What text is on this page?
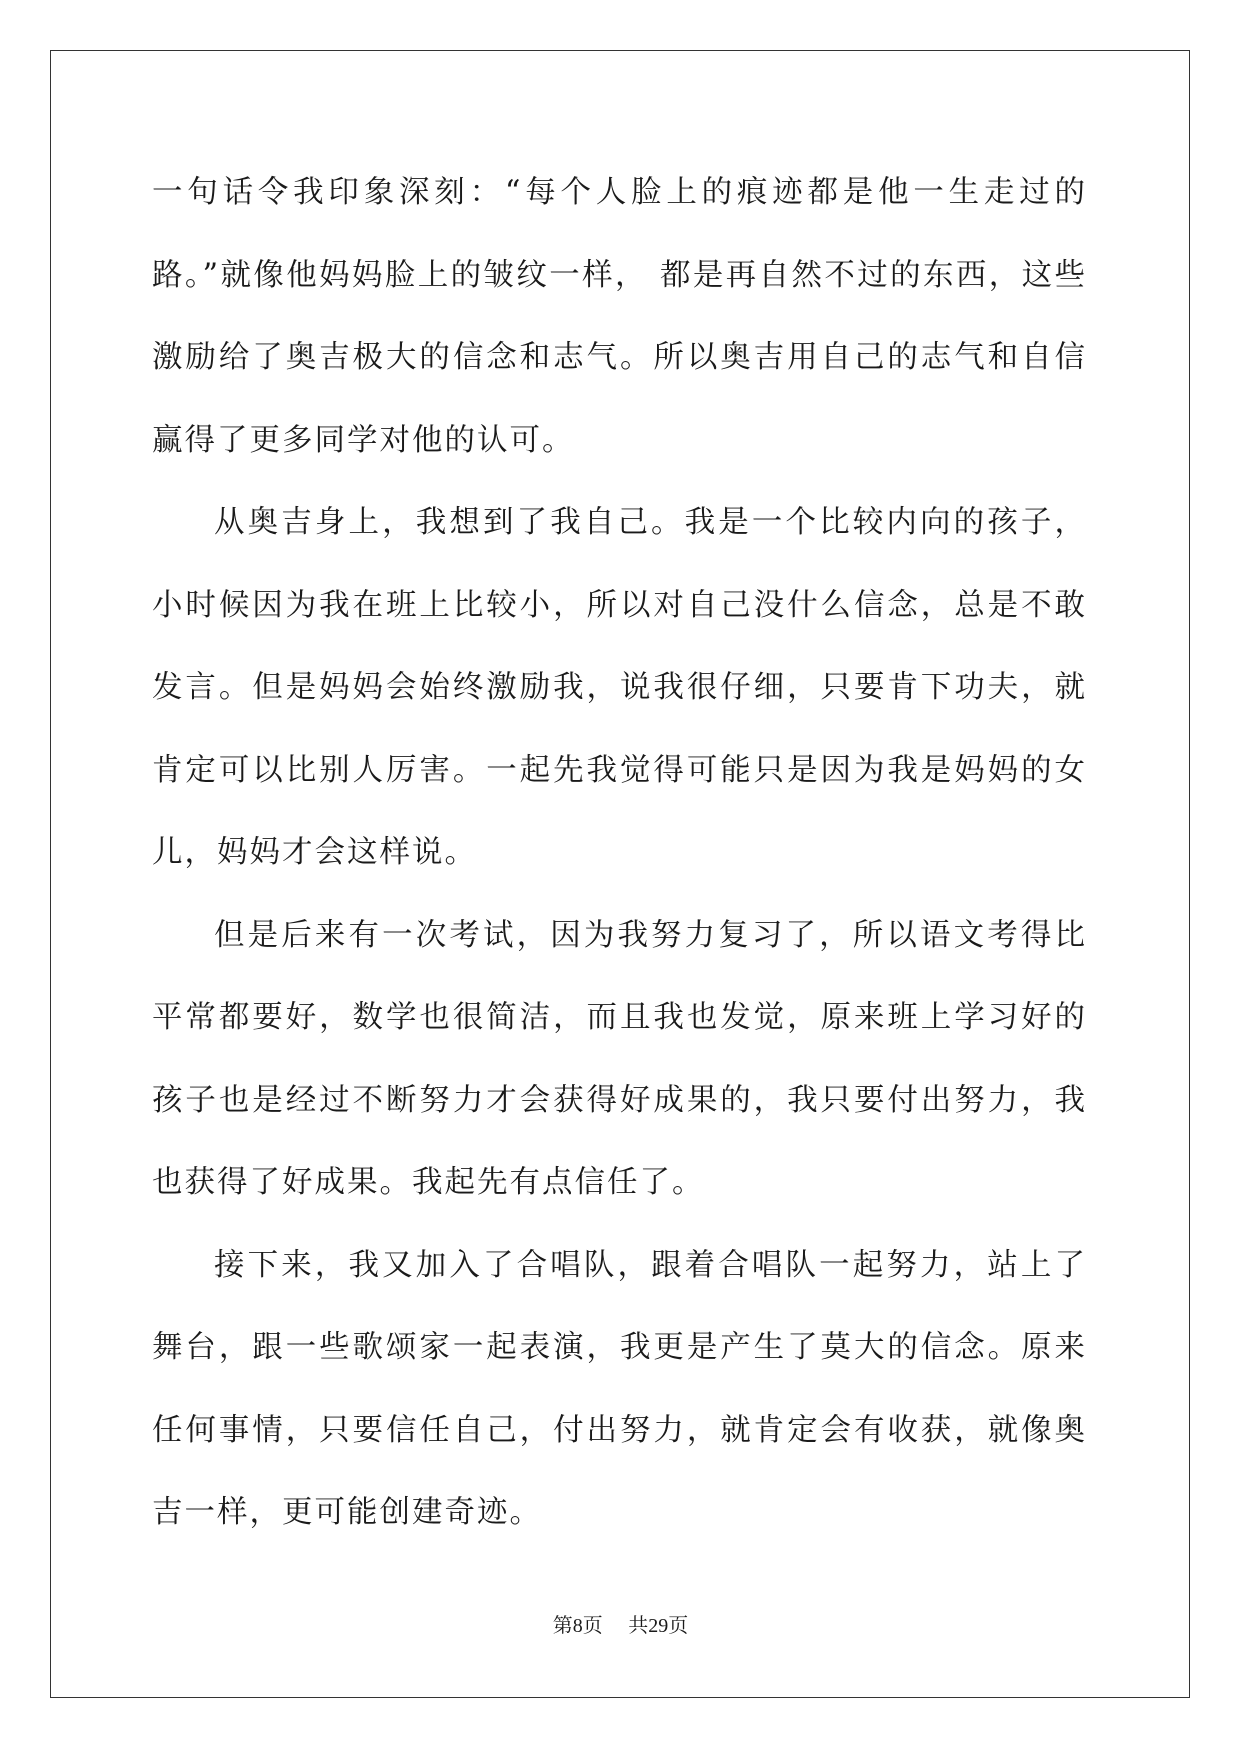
一句话令我印象深刻：“每个人脸上的痕迹都是他一生走过的路。”就像他妈妈脸上的皱纹一样， 都是再自然不过的东西，这些激励给了奥吉极大的信念和志气。所以奥吉用自己的志气和自信赢得了更多同学对他的认可。

从奥吉身上，我想到了我自己。我是一个比较内向的孩子，小时候因为我在班上比较小，所以对自己没什么信念，总是不敢发言。但是妈妈会始终激励我，说我很仔细，只要肯下功夫，就肯定可以比别人厉害。一起先我觉得可能只是因为我是妈妈的女儿，妈妈才会这样说。

但是后来有一次考试，因为我努力复习了，所以语文考得比平常都要好，数学也很简洁，而且我也发觉，原来班上学习好的孩子也是经过不断努力才会获得好成果的，我只要付出努力，我也获得了好成果。我起先有点信任了。

接下来，我又加入了合唱队，跟着合唱队一起努力，站上了舞台，跟一些歌颂家一起表演，我更是产生了莫大的信念。原来任何事情，只要信任自己，付出努力，就肯定会有收获，就像奥吉一样，更可能创建奇迹。

第8页 共29页
